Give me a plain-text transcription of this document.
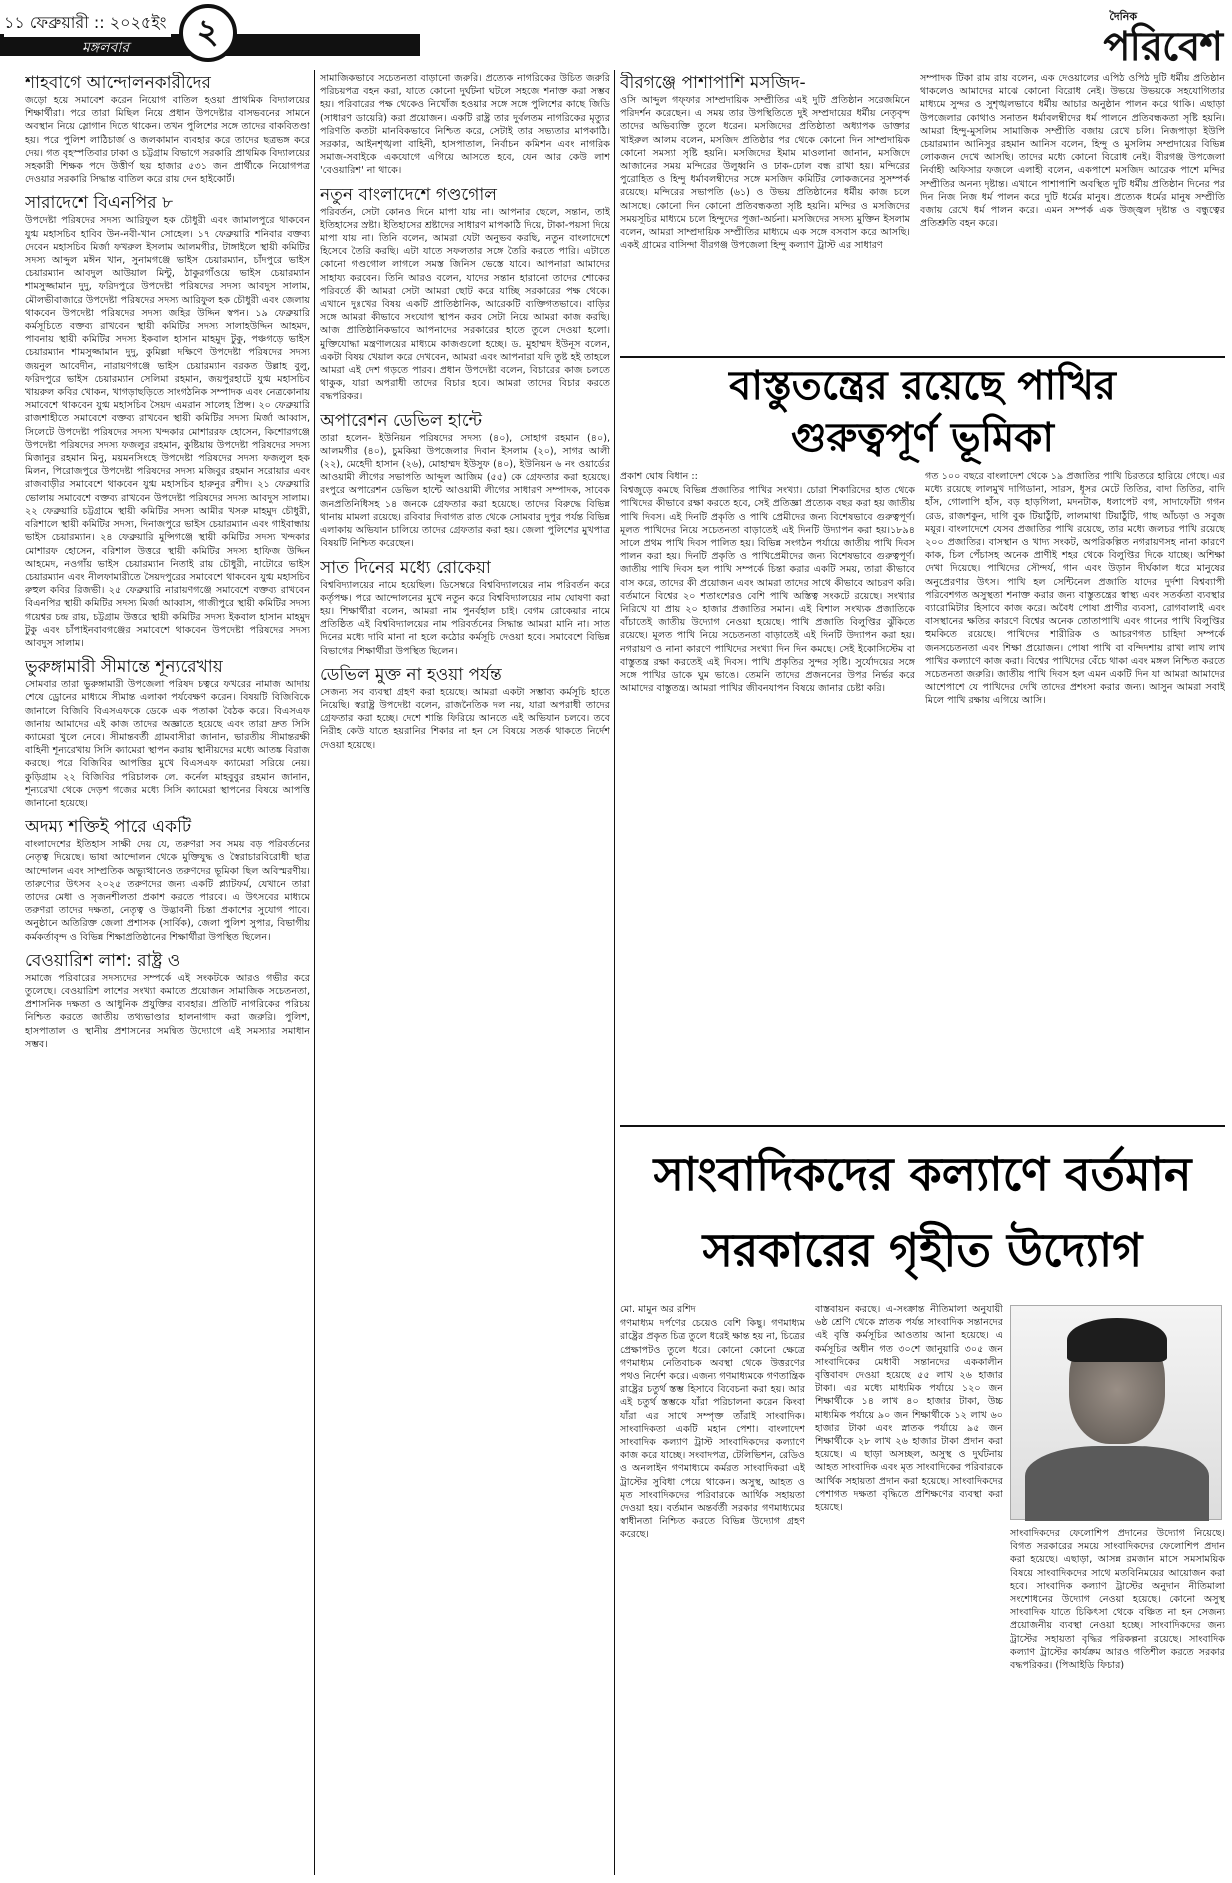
মঙ্গলবার
১১ ফেব্রুয়ারী :: ২০২৫ইং ২	দৈনিক
পরিবেশ
শাহবাগে আন্দোলনকারীদের

জড়ো হয়ে সমাবেশ করেন নিয়োগ বাতিল হওয়া প্রাথমিক বিদ্যালয়ের শিক্ষার্থীরা। পরে তারা মিছিল নিয়ে প্রধান উপদেষ্টার বাসভবনের সামনে অবস্থান নিয়ে স্লোগান দিতে থাকেন। তখন পুলিশের সঙ্গে তাদের বাকবিতণ্ডা হয়। পরে পুলিশ লাঠিচার্জ ও জলকামান ব্যবহার করে তাদের ছত্রভঙ্গ করে দেয়। গত বৃহস্পতিবার ঢাকা ও চট্টগ্রাম বিভাগে সরকারি প্রাথমিক বিদ্যালয়ের সহকারী শিক্ষক পদে উত্তীর্ণ ছয় হাজার ৫৩১ জন প্রার্থীকে নিয়োগপত্র দেওয়ার সরকারি সিদ্ধান্ত বাতিল করে রায় দেন হাইকোর্ট।

সারাদেশে বিএনপির ৮

উপদেষ্টা পরিষদের সদস্য আরিফুল হক চৌধুরী এবং জামালপুরে থাকবেন যুগ্ম মহাসচিব হাবিব উন-নবী-খান সোহেল। ১৭ ফেব্রুয়ারি শনিবার বক্তব্য দেবেন মহাসচিব মির্জা ফখরুল ইসলাম আলমগীর, টাঙ্গাইলে স্থায়ী কমিটির সদস্য আব্দুল মঈন খান, সুনামগঞ্জে ভাইস চেয়ারম্যান, চাঁদপুরে ভাইস চেয়ারম্যান আবদুল আউয়াল মিন্টু, ঠাকুরগাঁওয়ে ভাইস চেয়ারম্যান শামসুজ্জামান দুদু, ফরিদপুরে উপদেষ্টা পরিষদের সদস্য আবদুস সালাম, মৌলভীবাজারে উপদেষ্টা পরিষদের সদস্য আরিফুল হক চৌধুরী এবং জেলায় থাকবেন উপদেষ্টা পরিষদের সদস্য জহির উদ্দিন স্বপন। ১৯ ফেব্রুয়ারি কর্মসূচিতে বক্তব্য রাখবেন স্থায়ী কমিটির সদস্য সালাহউদ্দিন আহমদ, পাবনায় স্থায়ী কমিটির সদস্য ইকবাল হাসান মাহমুদ টুকু, পঞ্চগড়ে ভাইস চেয়ারম্যান শামসুজ্জামান দুদু, কুমিল্লা দক্ষিণে উপদেষ্টা পরিষদের সদস্য জয়নুল আবেদীন, নারায়ণগঞ্জে ভাইস চেয়ারম্যান বরকত উল্লাহ বুলু, ফরিদপুরে ভাইস চেয়ারম্যান সেলিমা রহমান, জয়পুরহাটে যুগ্ম মহাসচিব খায়রুল কবির খোকন, খাগড়াছড়িতে সাংগঠনিক সম্পাদক এবং নেত্রকোনায় সমাবেশে থাকবেন যুগ্ম মহাসচিব সৈয়দ এমরান সালেহ প্রিন্স। ২০ ফেব্রুয়ারি রাজশাহীতে সমাবেশে বক্তব্য রাখবেন স্থায়ী কমিটির সদস্য মির্জা আব্বাস, সিলেটে উপদেষ্টা পরিষদের সদস্য খন্দকার মোশাররফ হোসেন, কিশোরগঞ্জে উপদেষ্টা পরিষদের সদস্য ফজলুর রহমান, কুষ্টিয়ায় উপদেষ্টা পরিষদের সদস্য মিজানুর রহমান মিনু, ময়মনসিংহে উপদেষ্টা পরিষদের সদস্য ফজলুল হক মিলন, পিরোজপুরে উপদেষ্টা পরিষদের সদস্য মজিবুর রহমান সরোয়ার এবং রাজবাড়ীর সমাবেশে থাকবেন যুগ্ম মহাসচিব হারুনুর রশীদ। ২১ ফেব্রুয়ারি ভোলায় সমাবেশে বক্তব্য রাখবেন উপদেষ্টা পরিষদের সদস্য আবদুস সালাম। ২২ ফেব্রুয়ারি চট্টগ্রামে স্থায়ী কমিটির সদস্য আমীর খসরু মাহমুদ চৌধুরী, বরিশালে স্থায়ী কমিটির সদস্য, দিনাজপুরে ভাইস চেয়ারম্যান এবং গাইবান্ধায় ভাইস চেয়ারম্যান। ২৪ ফেব্রুয়ারি মুন্সিগঞ্জে স্থায়ী কমিটির সদস্য খন্দকার মোশারফ হোসেন, বরিশাল উত্তরে স্থায়ী কমিটির সদস্য হাফিজ উদ্দিন আহমেদ, নওগাঁয় ভাইস চেয়ারম্যান নিতাই রায় চৌধুরী, নাটোরে ভাইস চেয়ারম্যান এবং নীলফামারীতে সৈয়দপুরের সমাবেশে থাকবেন যুগ্ম মহাসচিব রুহুল কবির রিজভী। ২৫ ফেব্রুয়ারি নারায়ণগঞ্জে সমাবেশে বক্তব্য রাখবেন বিএনপির স্থায়ী কমিটির সদস্য মির্জা আব্বাস, গাজীপুরে স্থায়ী কমিটির সদস্য গয়েশ্বর চন্দ্র রায়, চট্টগ্রাম উত্তরে স্থায়ী কমিটির সদস্য ইকবাল হাসান মাহমুদ টুকু এবং চাঁপাইনবাবগঞ্জের সমাবেশে থাকবেন উপদেষ্টা পরিষদের সদস্য আবদুস সালাম।

ভুরুঙ্গামারী সীমান্তে শূন্যরেখায়

সোমবার তারা ভুরুঙ্গামারী উপজেলা পরিষদ চত্বরে ফখরের নামাজ আদায় শেষে ড্রোনের মাধ্যমে সীমান্ত এলাকা পর্যবেক্ষণ করেন। বিষয়টি বিজিবিকে জানালে বিজিবি বিএসএফকে ডেকে এক পতাকা বৈঠক করে। বিএসএফ জানায় আমাদের এই কাজ তাদের অজ্ঞাতে হয়েছে এবং তারা দ্রুত সিসি ক্যামেরা খুলে নেবে। সীমান্তবর্তী গ্রামবাসীরা জানান, ভারতীয় সীমান্তরক্ষী বাহিনী শূন্যরেখায় সিসি ক্যামেরা স্থাপন করায় স্থানীয়দের মধ্যে আতঙ্ক বিরাজ করছে। পরে বিজিবির আপত্তির মুখে বিএসএফ ক্যামেরা সরিয়ে নেয়। কুড়িগ্রাম ২২ বিজিবির পরিচালক লে. কর্নেল মাহবুবুর রহমান জানান, শূন্যরেখা থেকে দেড়শ গজের মধ্যে সিসি ক্যামেরা স্থাপনের বিষয়ে আপত্তি জানানো হয়েছে।

অদম্য শক্তিই পারে একটি

বাংলাদেশের ইতিহাস সাক্ষী দেয় যে, তরুণরা সব সময় বড় পরিবর্তনের নেতৃত্ব দিয়েছে। ভাষা আন্দোলন থেকে মুক্তিযুদ্ধ ও স্বৈরাচারবিরোধী ছাত্র আন্দোলন এবং সাম্প্রতিক অভ্যুত্থানেও তরুণদের ভূমিকা ছিল অবিস্মরণীয়। তারুণ্যের উৎসব ২০২৫ তরুণদের জন্য একটি প্ল্যাটফর্ম, যেখানে তারা তাদের মেধা ও সৃজনশীলতা প্রকাশ করতে পারবে। এ উৎসবের মাধ্যমে তরুণরা তাদের দক্ষতা, নেতৃত্ব ও উদ্ভাবনী চিন্তা প্রকাশের সুযোগ পাবে। অনুষ্ঠানে অতিরিক্ত জেলা প্রশাসক (সার্বিক), জেলা পুলিশ সুপার, বিভাগীয় কর্মকর্তাবৃন্দ ও বিভিন্ন শিক্ষাপ্রতিষ্ঠানের শিক্ষার্থীরা উপস্থিত ছিলেন।

বেওয়ারিশ লাশ: রাষ্ট্র ও

সমাজে পরিবারের সদস্যদের সম্পর্কে এই সংকটকে আরও গভীর করে তুলেছে। বেওয়ারিশ লাশের সংখ্যা কমাতে প্রয়োজন সামাজিক সচেতনতা, প্রশাসনিক দক্ষতা ও আধুনিক প্রযুক্তির ব্যবহার। প্রতিটি নাগরিকের পরিচয় নিশ্চিত করতে জাতীয় তথ্যভাণ্ডার হালনাগাদ করা জরুরি। পুলিশ, হাসপাতাল ও স্থানীয় প্রশাসনের সমন্বিত উদ্যোগে এই সমস্যার সমাধান সম্ভব।

সামাজিকভাবে সচেতনতা বাড়ানো জরুরি। প্রত্যেক নাগরিকের উচিত জরুরি পরিচয়পত্র বহন করা, যাতে কোনো দুর্ঘটনা ঘটলে সহজে শনাক্ত করা সম্ভব হয়। পরিবারের পক্ষ থেকেও নিখোঁজ হওয়ার সঙ্গে সঙ্গে পুলিশের কাছে জিডি (সাধারণ ডায়েরি) করা প্রয়োজন। একটি রাষ্ট্র তার দুর্বলতম নাগরিকের মৃত্যুর পরিণতি কতটা মানবিকভাবে নিশ্চিত করে, সেটাই তার সভ্যতার মাপকাঠি। সরকার, আইনশৃঙ্খলা বাহিনী, হাসপাতাল, নির্বাচন কমিশন এবং নাগরিক সমাজ-সবাইকে একযোগে এগিয়ে আসতে হবে, যেন আর কেউ লাশ 'বেওয়ারিশ' না থাকে।

নতুন বাংলাদেশে গণ্ডগোল

পরিবর্তন, সেটা কোনও দিনে মাপা যায় না। আপনার ছেলে, সন্তান, তাই ইতিহাসের স্রষ্টা। ইতিহাসের শ্রষ্টাদের সাধারণ মাপকাঠি দিয়ে, টাকা-পয়সা দিয়ে মাপা যায় না। তিনি বলেন, আমরা যেটা অনুভব করছি, নতুন বাংলাদেশে হিসেবে তৈরি করছি। এটা যাতে সফলতার সঙ্গে তৈরি করতে পারি। এটাতে কোনো গণ্ডগোল লাগলে সমস্ত জিনিস ভেস্তে যাবে। আপনারা আমাদের সাহায্য করবেন। তিনি আরও বলেন, যাদের সন্তান হারানো তাদের শোকের পরিবর্তে কী আমরা সেটা আমরা ছোট করে যাচ্ছি সরকারের পক্ষ থেকে। এখানে দুঃখের বিষয় একটি প্রাতিষ্ঠানিক, আরেকটি ব্যক্তিগতভাবে। বাড়ির সঙ্গে আমরা কীভাবে সংযোগ স্থাপন করব সেটা নিয়ে আমরা কাজ করছি। আজ প্রাতিষ্ঠানিকভাবে আপনাদের সরকারের হাতে তুলে দেওয়া হলো। মুক্তিযোদ্ধা মন্ত্রণালয়ের মাধ্যমে কাজগুলো হচ্ছে। ড. মুহাম্মদ ইউনূস বলেন, একটা বিষয় খেয়াল করে দেখবেন, আমরা এবং আপনারা যদি তুষ্ট হই তাহলে আমরা এই দেশ গড়তে পারব। প্রধান উপদেষ্টা বলেন, বিচারের কাজ চলতে থাকুক, যারা অপরাধী তাদের বিচার হবে। আমরা তাদের বিচার করতে বদ্ধপরিকর।

অপারেশন ডেভিল হান্টে

তারা হলেন- ইউনিয়ন পরিষদের সদস্য (৪০), সোহাগ রহমান (৪০), আলমগীর (৪০), চুমকিয়া উপজেলার দিবান ইসলাম (২০), সাগর আলী (২২), মেহেদী হাসান (২৬), মোহাম্মদ ইউসুফ (৪০), ইউনিয়ন ৬ নং ওয়ার্ডের আওয়ামী লীগের সভাপতি আব্দুল আজিম (৫৫) কে গ্রেফতার করা হয়েছে। রংপুরে অপারেশন ডেভিল হান্টে আওয়ামী লীগের সাধারণ সম্পাদক, সাবেক জনপ্রতিনিধিসহ ১৪ জনকে গ্রেফতার করা হয়েছে। তাদের বিরুদ্ধে বিভিন্ন থানায় মামলা রয়েছে। রবিবার দিবাগত রাত থেকে সোমবার দুপুর পর্যন্ত বিভিন্ন এলাকায় অভিযান চালিয়ে তাদের গ্রেফতার করা হয়। জেলা পুলিশের মুখপাত্র বিষয়টি নিশ্চিত করেছেন।

সাত দিনের মধ্যে রোকেয়া

বিশ্ববিদ্যালয়ের নামে হয়েছিল। ডিসেম্বরে বিশ্ববিদ্যালয়ের নাম পরিবর্তন করে কর্তৃপক্ষ। পরে আন্দোলনের মুখে নতুন করে বিশ্ববিদ্যালয়ের নাম ঘোষণা করা হয়। শিক্ষার্থীরা বলেন, আমরা নাম পুনর্বহাল চাই। বেগম রোকেয়ার নামে প্রতিষ্ঠিত এই বিশ্ববিদ্যালয়ের নাম পরিবর্তনের সিদ্ধান্ত আমরা মানি না। সাত দিনের মধ্যে দাবি মানা না হলে কঠোর কর্মসূচি দেওয়া হবে। সমাবেশে বিভিন্ন বিভাগের শিক্ষার্থীরা উপস্থিত ছিলেন।

ডেভিল মুক্ত না হওয়া পর্যন্ত

সেজন্য সব ব্যবস্থা গ্রহণ করা হয়েছে। আমরা একটা সম্ভাব্য কর্মসূচি হাতে নিয়েছি। স্বরাষ্ট্র উপদেষ্টা বলেন, রাজনৈতিক দল নয়, যারা অপরাধী তাদের গ্রেফতার করা হচ্ছে। দেশে শান্তি ফিরিয়ে আনতে এই অভিযান চলবে। তবে নিরীহ কেউ যাতে হয়রানির শিকার না হন সে বিষয়ে সতর্ক থাকতে নির্দেশ দেওয়া হয়েছে।

বীরগঞ্জে পাশাপাশি মসজিদ-

ওসি আব্দুল গফ্ফার সাম্প্রদায়িক সম্প্রীতির এই দুটি প্রতিষ্ঠান সরেজমিনে পরিদর্শন করেছেন। এ সময় তার উপস্থিতিতে দুই সম্প্রদায়ের ধর্মীয় নেতৃবৃন্দ তাদের অভিব্যক্তি তুলে ধরেন। মসজিদের প্রতিষ্ঠাতা অধ্যাপক ডাক্তার খাইরুল আলম বলেন, মসজিদ প্রতিষ্ঠার পর থেকে কোনো দিন সাম্প্রদায়িক কোনো সমস্যা সৃষ্টি হয়নি। মসজিদের ইমাম মাওলানা জানান, মসজিদে আজানের সময় মন্দিরের উলুধ্বনি ও ঢাক-ঢোল বন্ধ রাখা হয়। মন্দিরের পুরোহিত ও হিন্দু ধর্মাবলম্বীদের সঙ্গে মসজিদ কমিটির লোকজনের সুসম্পর্ক রয়েছে। মন্দিরের সভাপতি (৬১) ও উভয় প্রতিষ্ঠানের ধর্মীয় কাজ চলে আসছে। কোনো দিন কোনো প্রতিবন্ধকতা সৃষ্টি হয়নি। মন্দির ও মসজিদের সময়সূচির মাধ্যমে চলে হিন্দুদের পূজা-অর্চনা। মসজিদের সদস্য মুক্তিন ইসলাম বলেন, আমরা সাম্প্রদায়িক সম্প্রীতির মাধ্যমে এক সঙ্গে বসবাস করে আসছি। একই গ্রামের বাসিন্দা বীরগঞ্জ উপজেলা হিন্দু কল্যাণ ট্রাস্ট এর সাধারণ

সম্পাদক টিকা রাম রায় বলেন, এক দেওয়ালের এপিঠ ওপিঠ দুটি ধর্মীয় প্রতিষ্ঠান থাকলেও আমাদের মাঝে কোনো বিরোধ নেই। উভয়ে উভয়কে সহযোগিতার মাধ্যমে সুন্দর ও সুশৃঙ্খলভাবে ধর্মীয় আচার অনুষ্ঠান পালন করে থাকি। এছাড়া উপজেলার কোথাও সনাতন ধর্মাবলম্বীদের ধর্ম পালনে প্রতিবন্ধকতা সৃষ্টি হয়নি। আমরা হিন্দু-মুসলিম সামাজিক সম্প্রীতি বজায় রেখে চলি। নিজপাড়া ইউপি চেয়ারম্যান আনিসুর রহমান আনিস বলেন, হিন্দু ও মুসলিম সম্প্রদায়ের বিভিন্ন লোকজন দেখে আসছি। তাদের মধ্যে কোনো বিরোধ নেই। বীরগঞ্জ উপজেলা নির্বাহী অফিসার ফজলে এলাহী বলেন, একপাশে মসজিদ আরেক পাশে মন্দির সম্প্রীতির অনন্য দৃষ্টান্ত। এখানে পাশাপাশি অবস্থিত দুটি ধর্মীয় প্রতিষ্ঠান দিনের পর দিন নিজ নিজ ধর্ম পালন করে দুটি ধর্মের মানুষ। প্রত্যেক ধর্মের মানুষ সম্প্রীতি বজায় রেখে ধর্ম পালন করে। এমন সম্পর্ক এক উজ্জ্বল দৃষ্টান্ত ও বন্ধুত্বের প্রতিশ্রুতি বহন করে।

বাস্তুতন্ত্রের রয়েছে পাখির
গুরুত্বপূর্ণ ভূমিকা

প্রকাশ ঘোষ বিধান ::

বিশ্বজুড়ে কমছে বিভিন্ন প্রজাতির পাখির সংখ্যা। চোরা শিকারিদের হাত থেকে পাখিদের কীভাবে রক্ষা করতে হবে, সেই প্রতিজ্ঞা প্রত্যেক বছর করা হয় জাতীয় পাখি দিবস। এই দিনটি প্রকৃতি ও পাখি প্রেমীদের জন্য বিশেষভাবে গুরুত্বপূর্ণ। মূলত পাখিদের নিয়ে সচেতনতা বাড়াতেই এই দিনটি উদ্যাপন করা হয়।১৮৯৪ সালে প্রথম পাখি দিবস পালিত হয়। বিভিন্ন সংগঠন পর্যায়ে জাতীয় পাখি দিবস পালন করা হয়। দিনটি প্রকৃতি ও পাখিপ্রেমীদের জন্য বিশেষভাবে গুরুত্বপূর্ণ। জাতীয় পাখি দিবস হল পাখি সম্পর্কে চিন্তা করার একটি সময়, তারা কীভাবে বাস করে, তাদের কী প্রয়োজন এবং আমরা তাদের সাথে কীভাবে আচরণ করি। বর্তমানে বিশ্বের ২০ শতাংশেরও বেশি পাখি অস্তিত্ব সংকটে রয়েছে। সংখ্যার নিরিখে যা প্রায় ২০ হাজার প্রজাতির সমান। এই বিশাল সংখ্যক প্রজাতিকে বাঁচাতেই জাতীয় উদ্যোগ নেওয়া হয়েছে। পাখি প্রজাতি বিলুপ্তির ঝুঁকিতে রয়েছে। মূলত পাখি নিয়ে সচেতনতা বাড়াতেই এই দিনটি উদ্যাপন করা হয়। নগরায়ণ ও নানা কারণে পাখিদের সংখ্যা দিন দিন কমছে। সেই ইকোসিস্টেম বা বাস্তুতন্ত্র রক্ষা করতেই এই দিবস। পাখি প্রকৃতির সুন্দর সৃষ্টি। সুর্যোদয়ের সঙ্গে সঙ্গে পাখির ডাকে ঘুম ভাঙে। তেমনি তাদের প্রজননের উপর নির্ভর করে আমাদের বাস্তুতন্ত্র। আমরা পাখির জীবনযাপন বিষয়ে জানার চেষ্টা করি।

গত ১০০ বছরে বাংলাদেশ থেকে ১৯ প্রজাতির পাখি চিরতরে হারিয়ে গেছে। এর মধ্যে রয়েছে লালমুখ দাগিডানা, সারস, ধূসর মেটে তিতির, বাদা তিতির, বাদি হাঁস, গোলাপি হাঁস, বড় হাড়গিলা, মদনটাক, ধলাপেট বগ, সাদাফোঁটা গগন রেড, রাজশকুন, দাগি বুক টিয়াঠুঁটি, লালমাথা টিয়াঠুঁটি, গাছ আঁচড়া ও সবুজ ময়ূর। বাংলাদেশে যেসব প্রজাতির পাখি রয়েছে, তার মধ্যে জলচর পাখি রয়েছে ২০০ প্রজাতির। বাসস্থান ও খাদ্য সংকট, অপরিকল্পিত নগরায়ণসহ নানা কারণে কাক, চিল পেঁচাসহ অনেক প্রাণীই শহর থেকে বিলুপ্তির দিকে যাচ্ছে। অশিক্ষা দেখা দিয়েছে। পাখিদের সৌন্দর্য, গান এবং উড়ান দীর্ঘকাল ধরে মানুষের অনুপ্রেরণার উৎস। পাখি হল সেন্টিনেল প্রজাতি যাদের দুর্দশা বিশ্বব্যাপী পরিবেশগত অসুস্থতা শনাক্ত করার জন্য বাস্তুতন্ত্রের স্বাস্থ্য এবং সতর্কতা ব্যবস্থার ব্যারোমিটার হিসাবে কাজ করে। অবৈধ পোষা প্রাণীর ব্যবসা, রোগবালাই এবং বাসস্থানের ক্ষতির কারণে বিশ্বের অনেক তোতাপাখি এবং গানের পাখি বিলুপ্তির হুমকিতে রয়েছে। পাখিদের শারীরিক ও আচরণগত চাহিদা সম্পর্কে জনসচেতনতা এবং শিক্ষা প্রয়োজন। পোষা পাখি বা বন্দিদশায় রাখা লাখ লাখ পাখির কল্যাণে কাজ করা। বিশ্বের পাখিদের বেঁচে থাকা এবং মঙ্গল নিশ্চিত করতে সচেতনতা জরুরি। জাতীয় পাখি দিবস হল এমন একটি দিন যা আমরা আমাদের আশেপাশে যে পাখিদের দেখি তাদের প্রশংসা করার জন্য। আসুন আমরা সবাই মিলে পাখি রক্ষায় এগিয়ে আসি।

সাংবাদিকদের কল্যাণে বর্তমান
সরকারের গৃহীত উদ্যোগ

মো. মামুন অর রশিদ

গণমাধ্যম দর্পণের চেয়েও বেশি কিছু। গণমাধ্যম রাষ্ট্রের প্রকৃত চিত্র তুলে ধরেই ক্ষান্ত হয় না, চিত্রের প্রেক্ষাপটও তুলে ধরে। কোনো কোনো ক্ষেত্রে গণমাধ্যম নেতিবাচক অবস্থা থেকে উত্তরণের পথও নির্দেশ করে। এজন্য গণমাধ্যমকে গণতান্ত্রিক রাষ্ট্রের চতুর্থ স্তম্ভ হিসাবে বিবেচনা করা হয়। আর এই চতুর্থ স্তম্ভকে যাঁরা পরিচালনা করেন কিংবা যাঁরা এর সাথে সম্পৃক্ত তাঁরাই সাংবাদিক। সাংবাদিকতা একটি মহান পেশা। বাংলাদেশ সাংবাদিক কল্যাণ ট্রাস্ট সাংবাদিকদের কল্যাণে কাজ করে যাচ্ছে। সংবাদপত্র, টেলিভিশন, রেডিও ও অনলাইন গণমাধ্যমে কর্মরত সাংবাদিকরা এই ট্রাস্টের সুবিধা পেয়ে থাকেন। অসুস্থ, আহত ও মৃত সাংবাদিকদের পরিবারকে আর্থিক সহায়তা দেওয়া হয়। বর্তমান অন্তর্বর্তী সরকার গণমাধ্যমের স্বাধীনতা নিশ্চিত করতে বিভিন্ন উদ্যোগ গ্রহণ করেছে।

বাস্তবায়ন করছে। এ-সংক্রান্ত নীতিমালা অনুযায়ী ৬ষ্ঠ শ্রেণি থেকে স্নাতক পর্যন্ত সাংবাদিক সন্তানদের এই বৃত্তি কর্মসূচির আওতায় আনা হয়েছে। এ কর্মসূচির অধীন গত ৩০শে জানুয়ারি ৩০৫ জন সাংবাদিকের মেধাবী সন্তানদের এককালীন বৃত্তিবাবদ দেওয়া হয়েছে ৫৫ লাখ ২৬ হাজার টাকা। এর মধ্যে মাধ্যমিক পর্যায়ে ১২০ জন শিক্ষার্থীকে ১৪ লাখ ৪০ হাজার টাকা, উচ্চ মাধ্যমিক পর্যায়ে ৯০ জন শিক্ষার্থীকে ১২ লাখ ৬০ হাজার টাকা এবং স্নাতক পর্যায়ে ৯৫ জন শিক্ষার্থীকে ২৮ লাখ ২৬ হাজার টাকা প্রদান করা হয়েছে। এ ছাড়া অসচ্ছল, অসুস্থ ও দুর্ঘটনায় আহত সাংবাদিক এবং মৃত সাংবাদিকের পরিবারকে আর্থিক সহায়তা প্রদান করা হয়েছে। সাংবাদিকদের পেশাগত দক্ষতা বৃদ্ধিতে প্রশিক্ষণের ব্যবস্থা করা হয়েছে।

সাংবাদিকদের ফেলোশিপ প্রদানের উদ্যোগ নিয়েছে। বিগত সরকারের সময়ে সাংবাদিকদের ফেলোশিপ প্রদান করা হয়েছে। এছাড়া, আসন্ন রমজান মাসে সমসাময়িক বিষয়ে সাংবাদিকদের সাথে মতবিনিময়ের আয়োজন করা হবে। সাংবাদিক কল্যাণ ট্রাস্টের অনুদান নীতিমালা সংশোধনের উদ্যোগ নেওয়া হয়েছে। কোনো অসুস্থ সাংবাদিক যাতে চিকিৎসা থেকে বঞ্চিত না হন সেজন্য প্রয়োজনীয় ব্যবস্থা নেওয়া হচ্ছে। সাংবাদিকদের জন্য ট্রাস্টের সহায়তা বৃদ্ধির পরিকল্পনা রয়েছে। সাংবাদিক কল্যাণ ট্রাস্টের কার্যক্রম আরও গতিশীল করতে সরকার বদ্ধপরিকর। (পিআইডি ফিচার)
